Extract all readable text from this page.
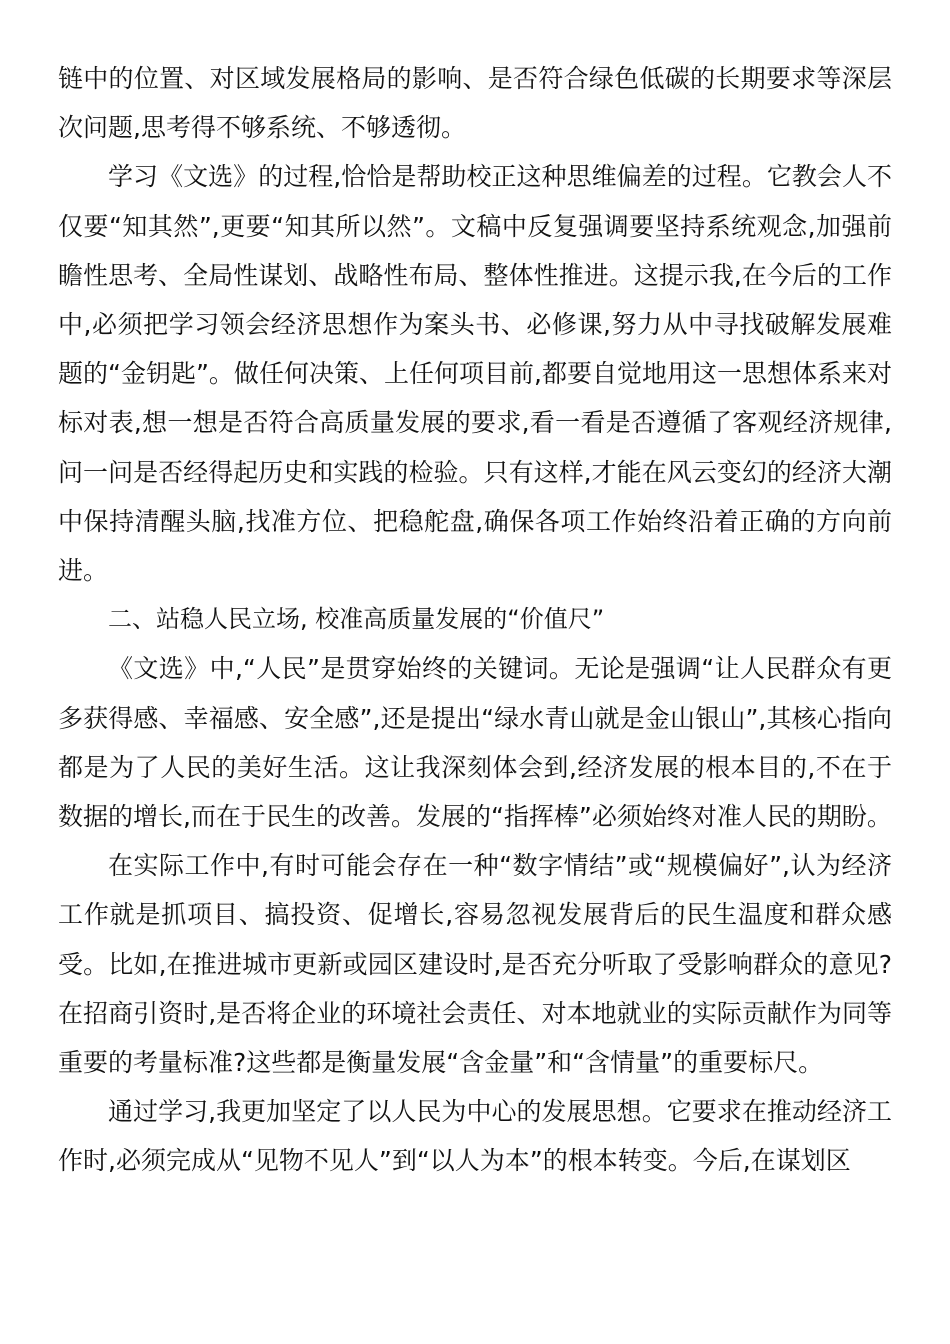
链中的位置、对区域发展格局的影响、是否符合绿色低碳的长期要求等深层次问题,思考得不够系统、不够透彻。

学习《文选》的过程,恰恰是帮助校正这种思维偏差的过程。它教会人不仅要“知其然”,更要“知其所以然”。文稿中反复强调要坚持系统观念,加强前瞻性思考、全局性谋划、战略性布局、整体性推进。这提示我,在今后的工作中,必须把学习领会经济思想作为案头书、必修课,努力从中寻找破解发展难题的“金钥匙”。做任何决策、上任何项目前,都要自觉地用这一思想体系来对标对表,想一想是否符合高质量发展的要求,看一看是否遵循了客观经济规律,问一问是否经得起历史和实践的检验。只有这样,才能在风云变幻的经济大潮中保持清醒头脑,找准方位、把稳舵盘,确保各项工作始终沿着正确的方向前进。

二、站稳人民立场, 校准高质量发展的“价值尺”

《文选》中,“人民”是贯穿始终的关键词。无论是强调“让人民群众有更多获得感、幸福感、安全感”,还是提出“绿水青山就是金山银山”,其核心指向都是为了人民的美好生活。这让我深刻体会到,经济发展的根本目的,不在于数据的增长,而在于民生的改善。发展的“指挥棒”必须始终对准人民的期盼。

在实际工作中,有时可能会存在一种“数字情结”或“规模偏好”,认为经济工作就是抓项目、搞投资、促增长,容易忽视发展背后的民生温度和群众感受。比如,在推进城市更新或园区建设时,是否充分听取了受影响群众的意见?在招商引资时,是否将企业的环境社会责任、对本地就业的实际贡献作为同等重要的考量标准?这些都是衡量发展“含金量”和“含情量”的重要标尺。

通过学习,我更加坚定了以人民为中心的发展思想。它要求在推动经济工作时,必须完成从“见物不见人”到“以人为本”的根本转变。今后,在谋划区
